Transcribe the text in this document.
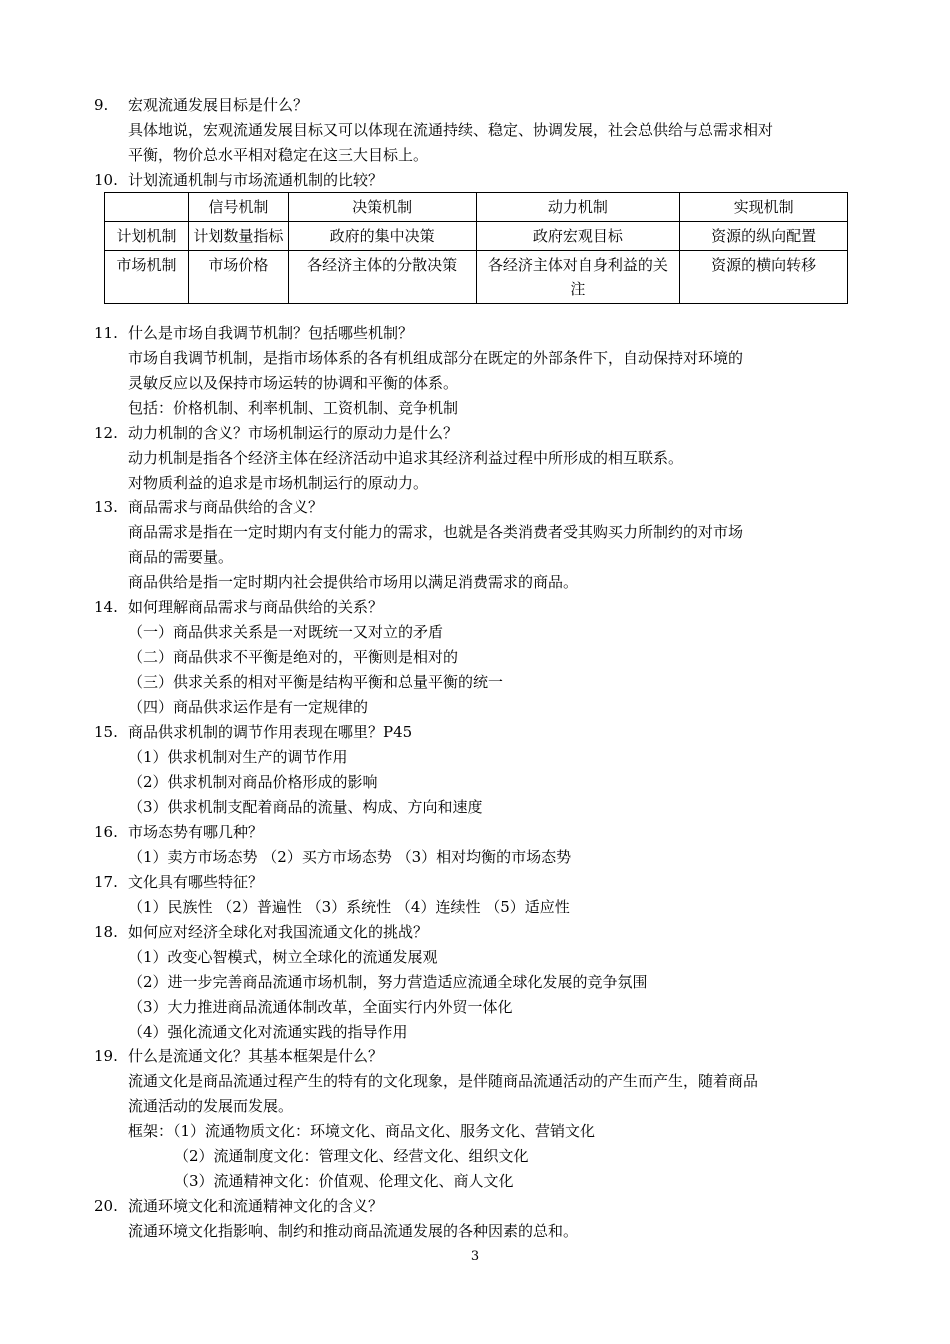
9. 宏观流通发展目标是什么？
具体地说，宏观流通发展目标又可以体现在流通持续、稳定、协调发展，社会总供给与总需求相对
平衡，物价总水平相对稳定在这三大目标上。
10. 计划流通机制与市场流通机制的比较？
	信号机制	决策机制	动力机制	实现机制
计划机制	计划数量指标	政府的集中决策	政府宏观目标	资源的纵向配置
市场机制	市场价格	各经济主体的分散决策	各经济主体对自身利益的关注	资源的横向转移
11. 什么是市场自我调节机制？包括哪些机制？
市场自我调节机制，是指市场体系的各有机组成部分在既定的外部条件下，自动保持对环境的
灵敏反应以及保持市场运转的协调和平衡的体系。
包括：价格机制、利率机制、工资机制、竞争机制
12. 动力机制的含义？市场机制运行的原动力是什么？
动力机制是指各个经济主体在经济活动中追求其经济利益过程中所形成的相互联系。
对物质利益的追求是市场机制运行的原动力。
13. 商品需求与商品供给的含义？
商品需求是指在一定时期内有支付能力的需求，也就是各类消费者受其购买力所制约的对市场
商品的需要量。
商品供给是指一定时期内社会提供给市场用以满足消费需求的商品。
14. 如何理解商品需求与商品供给的关系？
（一）商品供求关系是一对既统一又对立的矛盾
（二）商品供求不平衡是绝对的，平衡则是相对的
（三）供求关系的相对平衡是结构平衡和总量平衡的统一
（四）商品供求运作是有一定规律的
15. 商品供求机制的调节作用表现在哪里？P45
（1）供求机制对生产的调节作用
（2）供求机制对商品价格形成的影响
（3）供求机制支配着商品的流量、构成、方向和速度
16. 市场态势有哪几种？
（1）卖方市场态势 （2）买方市场态势 （3）相对均衡的市场态势
17. 文化具有哪些特征？
（1）民族性 （2）普遍性 （3）系统性 （4）连续性 （5）适应性
18. 如何应对经济全球化对我国流通文化的挑战？
（1）改变心智模式，树立全球化的流通发展观
（2）进一步完善商品流通市场机制，努力营造适应流通全球化发展的竞争氛围
（3）大力推进商品流通体制改革，全面实行内外贸一体化
（4）强化流通文化对流通实践的指导作用
19. 什么是流通文化？其基本框架是什么？
流通文化是商品流通过程产生的特有的文化现象，是伴随商品流通活动的产生而产生，随着商品
流通活动的发展而发展。
框架：（1）流通物质文化：环境文化、商品文化、服务文化、营销文化
（2）流通制度文化：管理文化、经营文化、组织文化
（3）流通精神文化：价值观、伦理文化、商人文化
20. 流通环境文化和流通精神文化的含义？
流通环境文化指影响、制约和推动商品流通发展的各种因素的总和。
3
